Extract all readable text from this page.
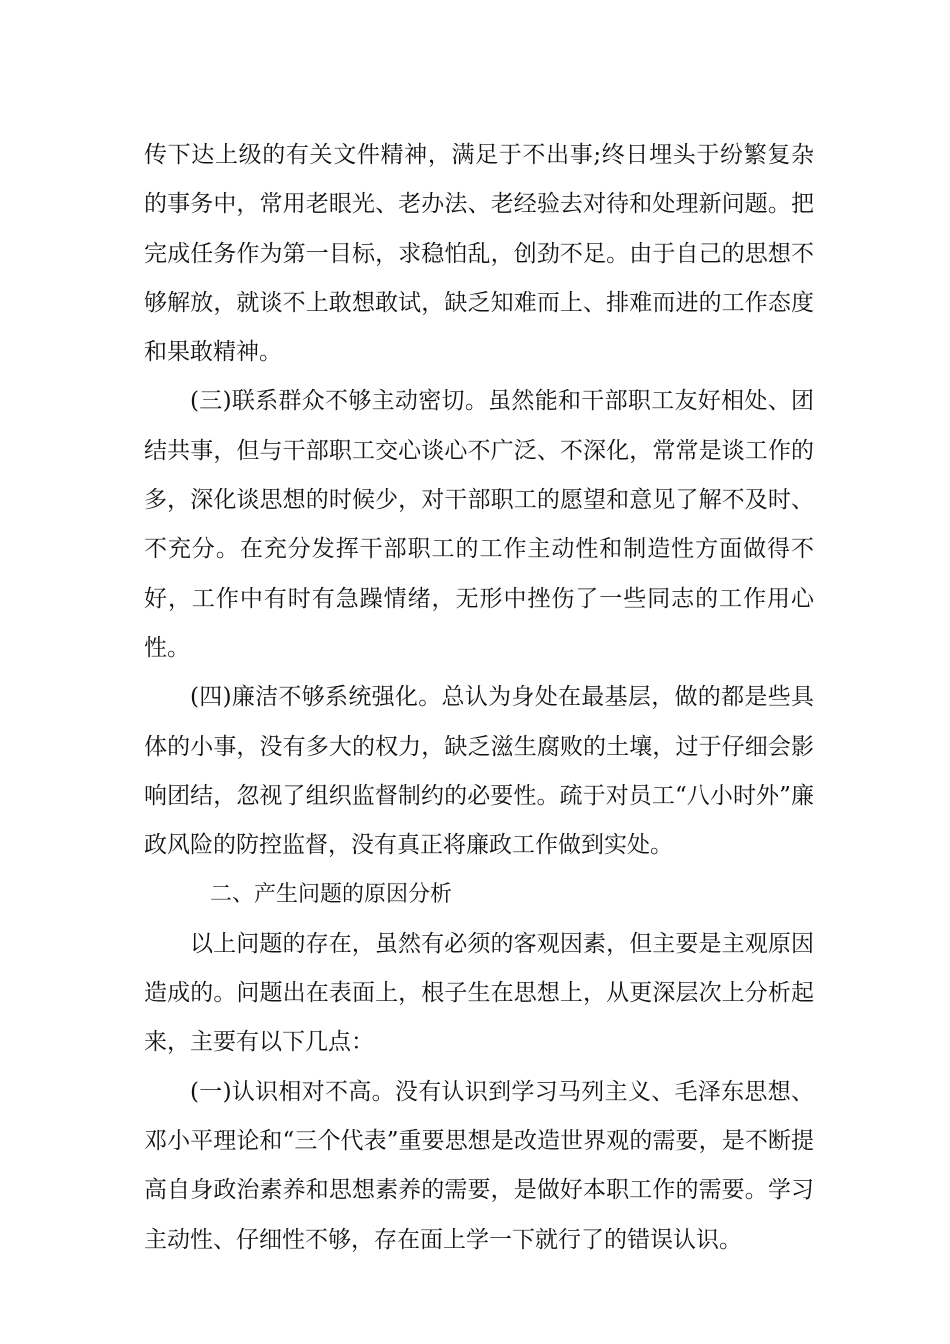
传下达上级的有关文件精神，满足于不出事;终日埋头于纷繁复杂的事务中，常用老眼光、老办法、老经验去对待和处理新问题。把完成任务作为第一目标，求稳怕乱，创劲不足。由于自己的思想不够解放，就谈不上敢想敢试，缺乏知难而上、排难而进的工作态度和果敢精神。

(三)联系群众不够主动密切。虽然能和干部职工友好相处、团结共事，但与干部职工交心谈心不广泛、不深化，常常是谈工作的多，深化谈思想的时候少，对干部职工的愿望和意见了解不及时、不充分。在充分发挥干部职工的工作主动性和制造性方面做得不好，工作中有时有急躁情绪，无形中挫伤了一些同志的工作用心性。

(四)廉洁不够系统强化。总认为身处在最基层，做的都是些具体的小事，没有多大的权力，缺乏滋生腐败的土壤，过于仔细会影响团结，忽视了组织监督制约的必要性。疏于对员工“八小时外”廉政风险的防控监督，没有真正将廉政工作做到实处。

二、产生问题的原因分析

以上问题的存在，虽然有必须的客观因素，但主要是主观原因造成的。问题出在表面上，根子生在思想上，从更深层次上分析起来，主要有以下几点：

(一)认识相对不高。没有认识到学习马列主义、毛泽东思想、邓小平理论和“三个代表”重要思想是改造世界观的需要，是不断提高自身政治素养和思想素养的需要，是做好本职工作的需要。学习主动性、仔细性不够，存在面上学一下就行了的错误认识。
